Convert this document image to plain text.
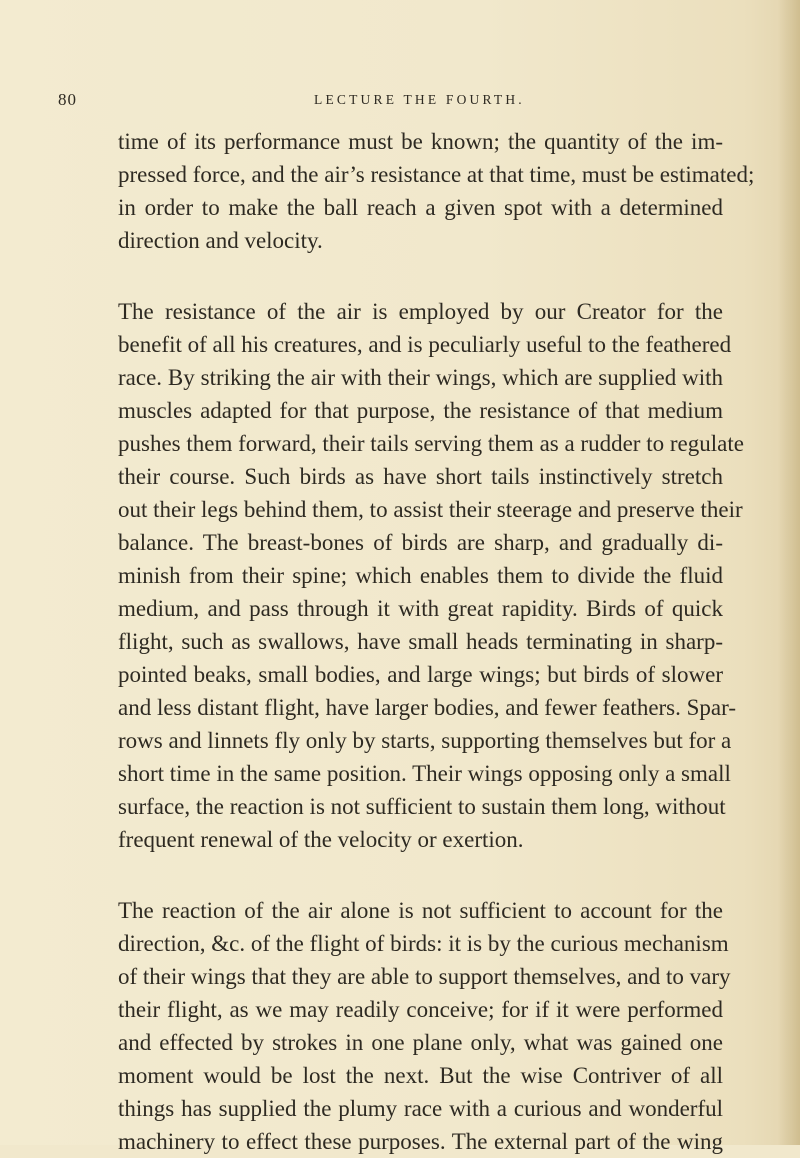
80	LECTURE THE FOURTH.
time of its performance must be known; the quantity of the im-
pressed force, and the air’s resistance at that time, must be estimated;
in order to make the ball reach a given spot with a determined
direction and velocity.
The resistance of the air is employed by our Creator for the
benefit of all his creatures, and is peculiarly useful to the feathered
race. By striking the air with their wings, which are supplied with
muscles adapted for that purpose, the resistance of that medium
pushes them forward, their tails serving them as a rudder to regulate
their course. Such birds as have short tails instinctively stretch
out their legs behind them, to assist their steerage and preserve their
balance. The breast-bones of birds are sharp, and gradually di-
minish from their spine; which enables them to divide the fluid
medium, and pass through it with great rapidity. Birds of quick
flight, such as swallows, have small heads terminating in sharp-
pointed beaks, small bodies, and large wings; but birds of slower
and less distant flight, have larger bodies, and fewer feathers. Spar-
rows and linnets fly only by starts, supporting themselves but for a
short time in the same position. Their wings opposing only a small
surface, the reaction is not sufficient to sustain them long, without
frequent renewal of the velocity or exertion.
The reaction of the air alone is not sufficient to account for the
direction, &c. of the flight of birds: it is by the curious mechanism
of their wings that they are able to support themselves, and to vary
their flight, as we may readily conceive; for if it were performed
and effected by strokes in one plane only, what was gained one
moment would be lost the next. But the wise Contriver of all
things has supplied the plumy race with a curious and wonderful
machinery to effect these purposes. The external part of the wing
